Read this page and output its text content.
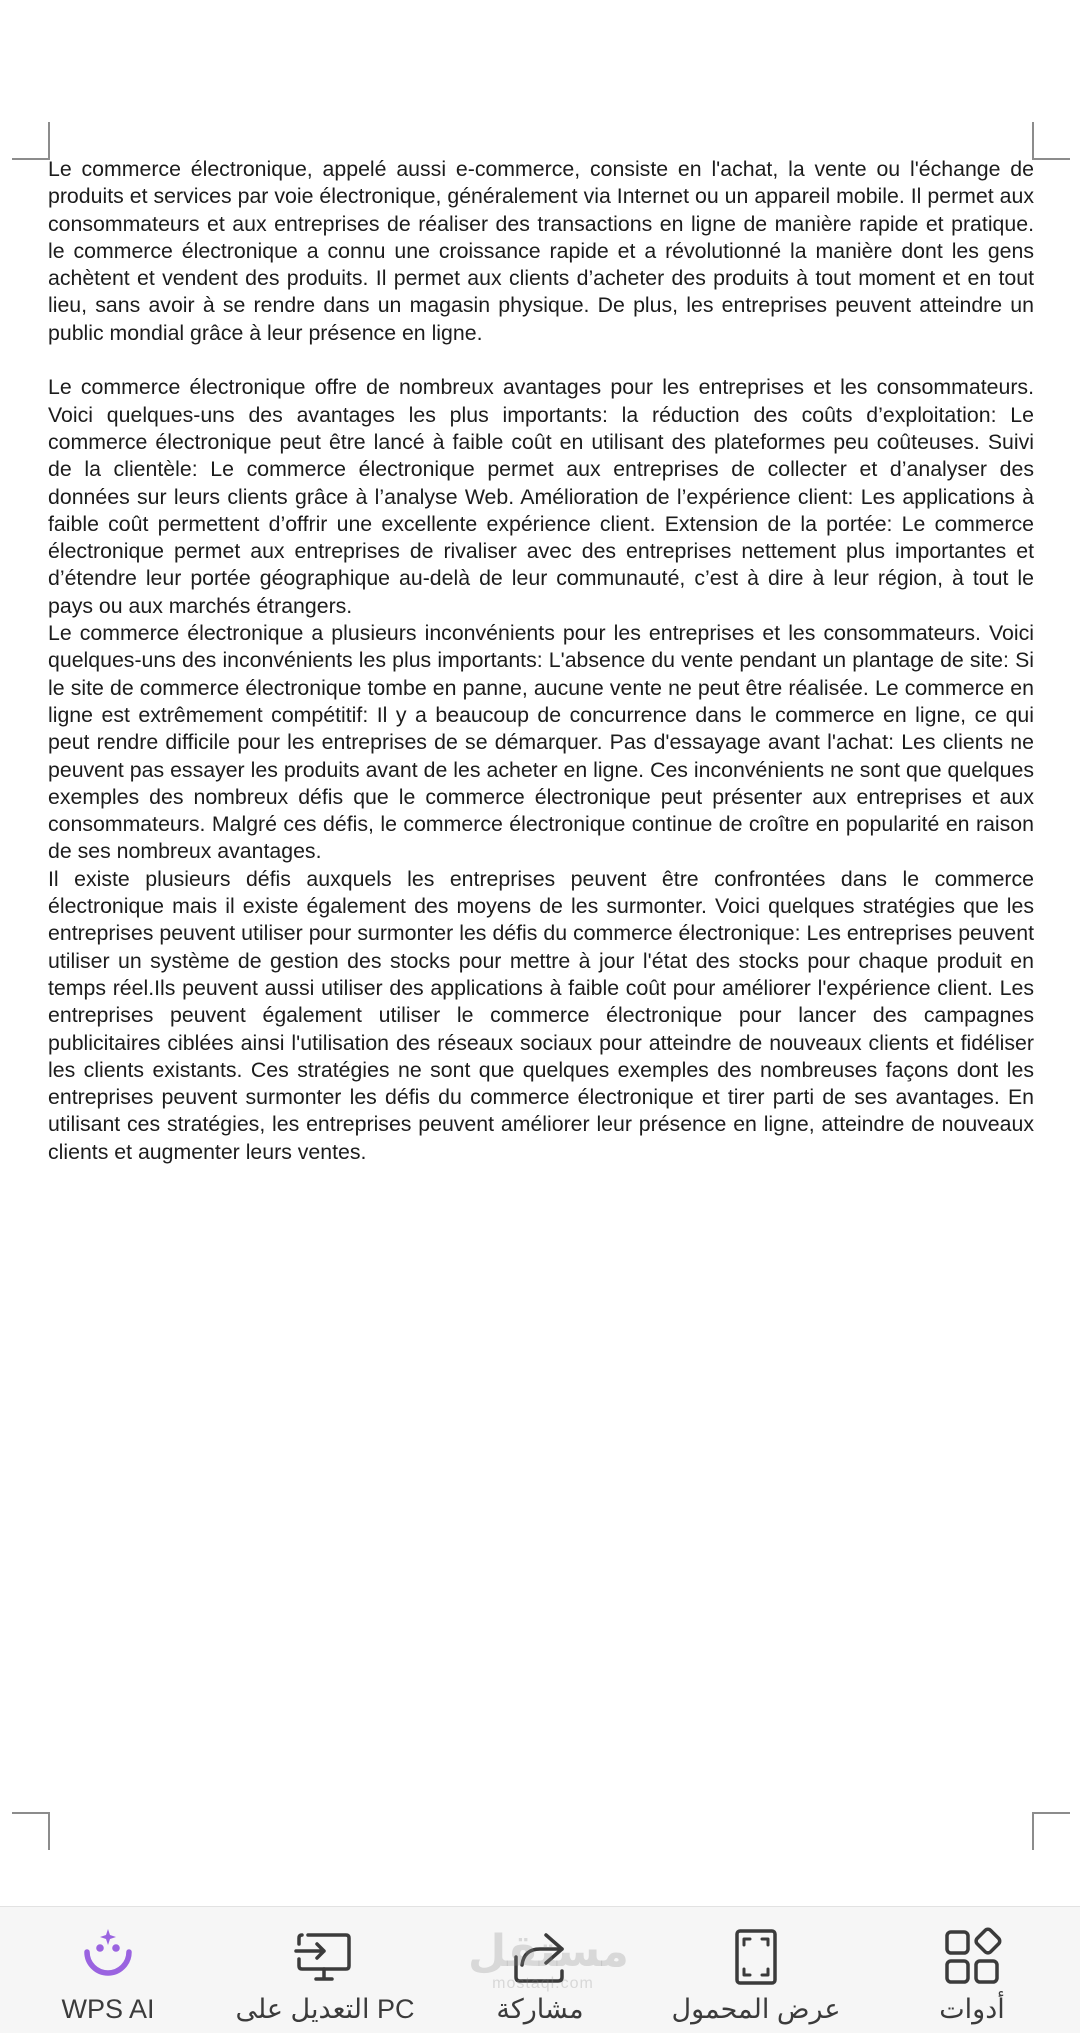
Le commerce électronique, appelé aussi e-commerce, consiste en l'achat, la vente ou l'échange de produits et services par voie électronique, généralement via Internet ou un appareil mobile. Il permet aux consommateurs et aux entreprises de réaliser des transactions en ligne de manière rapide et pratique. le commerce électronique a connu une croissance rapide et a révolutionné la manière dont les gens achètent et vendent des produits. Il permet aux clients d’acheter des produits à tout moment et en tout lieu, sans avoir à se rendre dans un magasin physique. De plus, les entreprises peuvent atteindre un public mondial grâce à leur présence en ligne.

Le commerce électronique offre de nombreux avantages pour les entreprises et les consommateurs. Voici quelques-uns des avantages les plus importants: la réduction des coûts d’exploitation: Le commerce électronique peut être lancé à faible coût en utilisant des plateformes peu coûteuses. Suivi de la clientèle: Le commerce électronique permet aux entreprises de collecter et d’analyser des données sur leurs clients grâce à l’analyse Web. Amélioration de l’expérience client: Les applications à faible coût permettent d’offrir une excellente expérience client. Extension de la portée: Le commerce électronique permet aux entreprises de rivaliser avec des entreprises nettement plus importantes et d’étendre leur portée géographique au-delà de leur communauté, c’est à dire à leur région, à tout le pays ou aux marchés étrangers.

Le commerce électronique a plusieurs inconvénients pour les entreprises et les consommateurs. Voici quelques-uns des inconvénients les plus importants: L'absence du vente pendant un plantage de site: Si le site de commerce électronique tombe en panne, aucune vente ne peut être réalisée. Le commerce en ligne est extrêmement compétitif: Il y a beaucoup de concurrence dans le commerce en ligne, ce qui peut rendre difficile pour les entreprises de se démarquer. Pas d'essayage avant l'achat: Les clients ne peuvent pas essayer les produits avant de les acheter en ligne. Ces inconvénients ne sont que quelques exemples des nombreux défis que le commerce électronique peut présenter aux entreprises et aux consommateurs. Malgré ces défis, le commerce électronique continue de croître en popularité en raison de ses nombreux avantages.

Il existe plusieurs défis auxquels les entreprises peuvent être confrontées dans le commerce électronique mais il existe également des moyens de les surmonter. Voici quelques stratégies que les entreprises peuvent utiliser pour surmonter les défis du commerce électronique: Les entreprises peuvent utiliser un système de gestion des stocks pour mettre à jour l'état des stocks pour chaque produit en temps réel.Ils peuvent aussi utiliser des applications à faible coût pour améliorer l'expérience client. Les entreprises peuvent également utiliser le commerce électronique pour lancer des campagnes publicitaires ciblées ainsi l'utilisation des réseaux sociaux pour atteindre de nouveaux clients et fidéliser les clients existants. Ces stratégies ne sont que quelques exemples des nombreuses façons dont les entreprises peuvent surmonter les défis du commerce électronique et tirer parti de ses avantages. En utilisant ces stratégies, les entreprises peuvent améliorer leur présence en ligne, atteindre de nouveaux clients et augmenter leurs ventes.

WPS AI	التعديل على PC	مشاركة	عرض المحمول	أدوات
مستقل
mostaql.com
